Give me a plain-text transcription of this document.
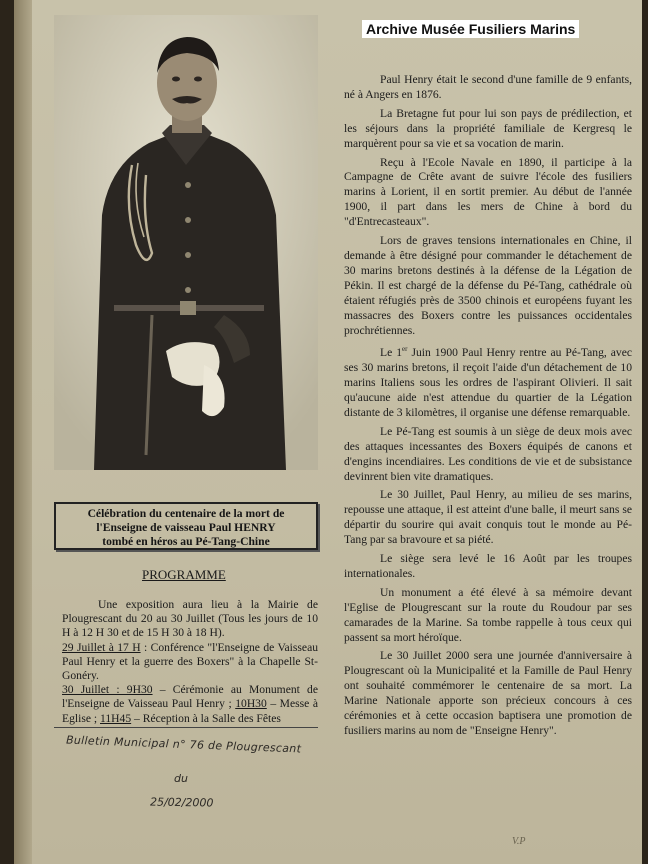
Archive Musée Fusiliers Marins
Célébration du centenaire de la mort de
l'Enseigne de vaisseau Paul HENRY
tombé en héros au Pé-Tang-Chine
PROGRAMME

Une exposition aura lieu à la Mairie de Plougrescant du 20 au 30 Juillet (Tous les jours de 10 H à 12 H 30 et de 15 H 30 à 18 H).

29 Juillet à 17 H : Conférence "l'Enseigne de Vaisseau Paul Henry et la guerre des Boxers" à la Chapelle St-Gonéry.

30 Juillet : 9H30 – Cérémonie au Monument de l'Enseigne de Vaisseau Paul Henry ; 10H30 – Messe à Eglise ; 11H45 – Réception à la Salle des Fêtes

Bulletin Municipal n° 76 de Plougrescant
du
25/02/2000

Paul Henry était le second d'une famille de 9 enfants, né à Angers en 1876.

La Bretagne fut pour lui son pays de prédilection, et les séjours dans la propriété familiale de Kergresq le marquèrent pour sa vie et sa vocation de marin.

Reçu à l'Ecole Navale en 1890, il participe à la Campagne de Crête avant de suivre l'école des fusiliers marins à Lorient, il en sortit premier. Au début de l'année 1900, il part dans les mers de Chine à bord du "d'Entrecasteaux".

Lors de graves tensions internationales en Chine, il demande à être désigné pour commander le détachement de 30 marins bretons destinés à la défense de la Légation de Pékin. Il est chargé de la défense du Pé-Tang, cathédrale où étaient réfugiés près de 3500 chinois et européens fuyant les massacres des Boxers contre les puissances occidentales prochrétiennes.

Le 1er Juin 1900 Paul Henry rentre au Pé-Tang, avec ses 30 marins bretons, il reçoit l'aide d'un détachement de 10 marins Italiens sous les ordres de l'aspirant Olivieri. Il sait qu'aucune aide n'est attendue du quartier de la Légation distante de 3 kilomètres, il organise une défense remarquable.

Le Pé-Tang est soumis à un siège de deux mois avec des attaques incessantes des Boxers équipés de canons et d'engins incendiaires. Les conditions de vie et de subsistance devinrent bien vite dramatiques.

Le 30 Juillet, Paul Henry, au milieu de ses marins, repousse une attaque, il est atteint d'une balle, il meurt sans se départir du sourire qui avait conquis tout le monde au Pé-Tang par sa bravoure et sa piété.

Le siège sera levé le 16 Août par les troupes internationales.

Un monument a été élevé à sa mémoire devant l'Eglise de Plougrescant sur la route du Roudour par ses camarades de la Marine. Sa tombe rappelle à tous ceux qui passent sa mort héroïque.

Le 30 Juillet 2000 sera une journée d'anniversaire à Plougrescant où la Municipalité et la Famille de Paul Henry ont souhaité commémorer le centenaire de sa mort. La Marine Nationale apporte son précieux concours à ces cérémonies et à cette occasion baptisera une promotion de fusiliers marins au nom de "Enseigne Henry".

V.P
